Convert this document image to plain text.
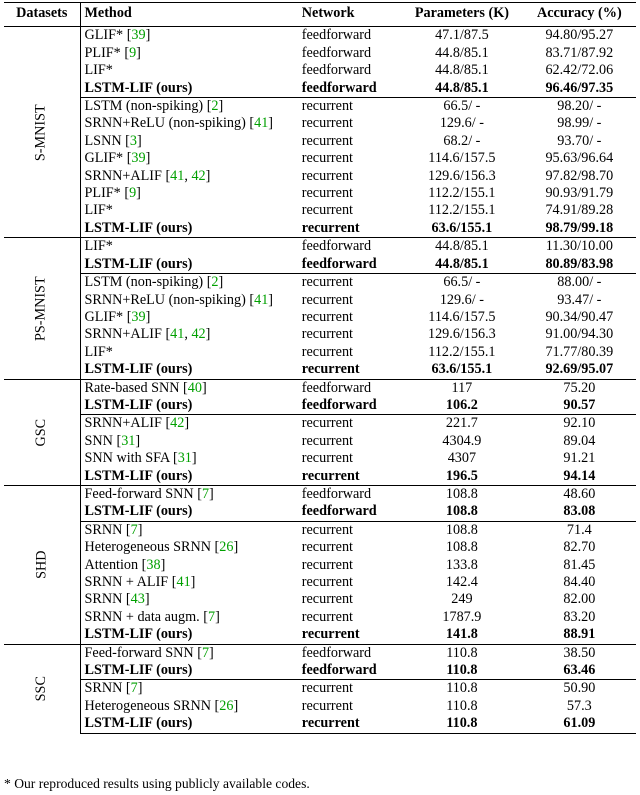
Datasets	Method	Network	Parameters (K)	Accuracy (%)
S-MNIST	GLIF* [39]	feedforward	47.1/87.5	94.80/95.27
	PLIF* [9]	feedforward	44.8/85.1	83.71/87.92
	LIF*	feedforward	44.8/85.1	62.42/72.06
	LSTM-LIF (ours)	feedforward	44.8/85.1	96.46/97.35
	LSTM (non-spiking) [2]	recurrent	66.5/ -	98.20/ -
	SRNN+ReLU (non-spiking) [41]	recurrent	129.6/ -	98.99/ -
	LSNN [3]	recurrent	68.2/ -	93.70/ -
	GLIF* [39]	recurrent	114.6/157.5	95.63/96.64
	SRNN+ALIF [41, 42]	recurrent	129.6/156.3	97.82/98.70
	PLIF* [9]	recurrent	112.2/155.1	90.93/91.79
	LIF*	recurrent	112.2/155.1	74.91/89.28
	LSTM-LIF (ours)	recurrent	63.6/155.1	98.79/99.18
PS-MNIST	LIF*	feedforward	44.8/85.1	11.30/10.00
	LSTM-LIF (ours)	feedforward	44.8/85.1	80.89/83.98
	LSTM (non-spiking) [2]	recurrent	66.5/ -	88.00/ -
	SRNN+ReLU (non-spiking) [41]	recurrent	129.6/ -	93.47/ -
	GLIF* [39]	recurrent	114.6/157.5	90.34/90.47
	SRNN+ALIF [41, 42]	recurrent	129.6/156.3	91.00/94.30
	LIF*	recurrent	112.2/155.1	71.77/80.39
	LSTM-LIF (ours)	recurrent	63.6/155.1	92.69/95.07
GSC	Rate-based SNN [40]	feedforward	117	75.20
	LSTM-LIF (ours)	feedforward	106.2	90.57
	SRNN+ALIF [42]	recurrent	221.7	92.10
	SNN [31]	recurrent	4304.9	89.04
	SNN with SFA [31]	recurrent	4307	91.21
	LSTM-LIF (ours)	recurrent	196.5	94.14
SHD	Feed-forward SNN [7]	feedforward	108.8	48.60
	LSTM-LIF (ours)	feedforward	108.8	83.08
	SRNN [7]	recurrent	108.8	71.4
	Heterogeneous SRNN [26]	recurrent	108.8	82.70
	Attention [38]	recurrent	133.8	81.45
	SRNN + ALIF [41]	recurrent	142.4	84.40
	SRNN [43]	recurrent	249	82.00
	SRNN + data augm. [7]	recurrent	1787.9	83.20
	LSTM-LIF (ours)	recurrent	141.8	88.91
SSC	Feed-forward SNN [7]	feedforward	110.8	38.50
	LSTM-LIF (ours)	feedforward	110.8	63.46
	SRNN [7]	recurrent	110.8	50.90
	Heterogeneous SRNN [26]	recurrent	110.8	57.3
	LSTM-LIF (ours)	recurrent	110.8	61.09
* Our reproduced results using publicly available codes.
